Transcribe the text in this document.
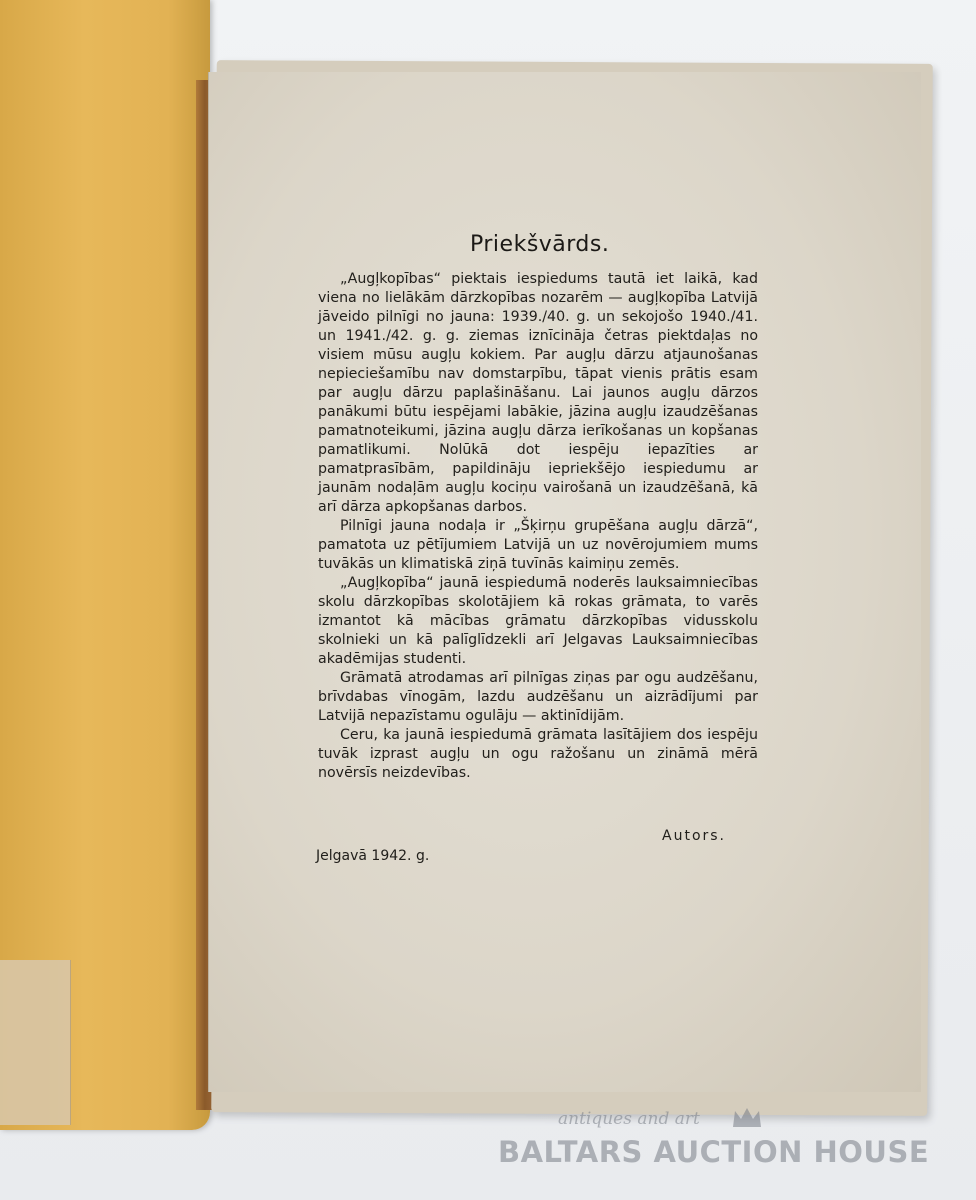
Priekšvārds.

„Augļkopības“ piektais iespiedums tautā iet laikā, kad viena no lielākām dārzkopības nozarēm — augļkopība Latvijā jāveido pilnīgi no jauna: 1939./40. g. un sekojošo 1940./41. un 1941./42. g. g. ziemas iznīcināja četras piektdaļas no visiem mūsu augļu kokiem. Par augļu dārzu atjaunošanas nepieciešamību nav domstarpību, tāpat vienis prātis esam par augļu dārzu paplašināšanu. Lai jaunos augļu dārzos panākumi būtu iespējami labākie, jāzina augļu izaudzēšanas pamatnoteikumi, jāzina augļu dārza ierīkošanas un kopšanas pamatlikumi. Nolūkā dot iespēju iepazīties ar pamatprasībām, papildināju iepriekšējo iespiedumu ar jaunām nodaļām augļu kociņu vairošanā un izaudzēšanā, kā arī dārza apkopšanas darbos.

Pilnīgi jauna nodaļa ir „Šķirņu grupēšana augļu dārzā“, pamatota uz pētījumiem Latvijā un uz novērojumiem mums tuvākās un klimatiskā ziņā tuvīnās kaimiņu zemēs.

„Augļkopība“ jaunā iespiedumā noderēs lauksaimniecības skolu dārzkopības skolotājiem kā rokas grāmata, to varēs izmantot kā mācības grāmatu dārzkopības vidusskolu skolnieki un kā palīglīdzekli arī Jelgavas Lauksaimniecības akadēmijas studenti.

Grāmatā atrodamas arī pilnīgas ziņas par ogu audzēšanu, brīvdabas vīnogām, lazdu audzēšanu un aizrādījumi par Latvijā nepazīstamu ogulāju — aktinīdijām.

Ceru, ka jaunā iespiedumā grāmata lasītājiem dos iespēju tuvāk izprast augļu un ogu ražošanu un zināmā mērā novērsīs neizdevības.

Autors.
Jelgavā 1942. g.
antiques and art
BALTARS AUCTION HOUSE
